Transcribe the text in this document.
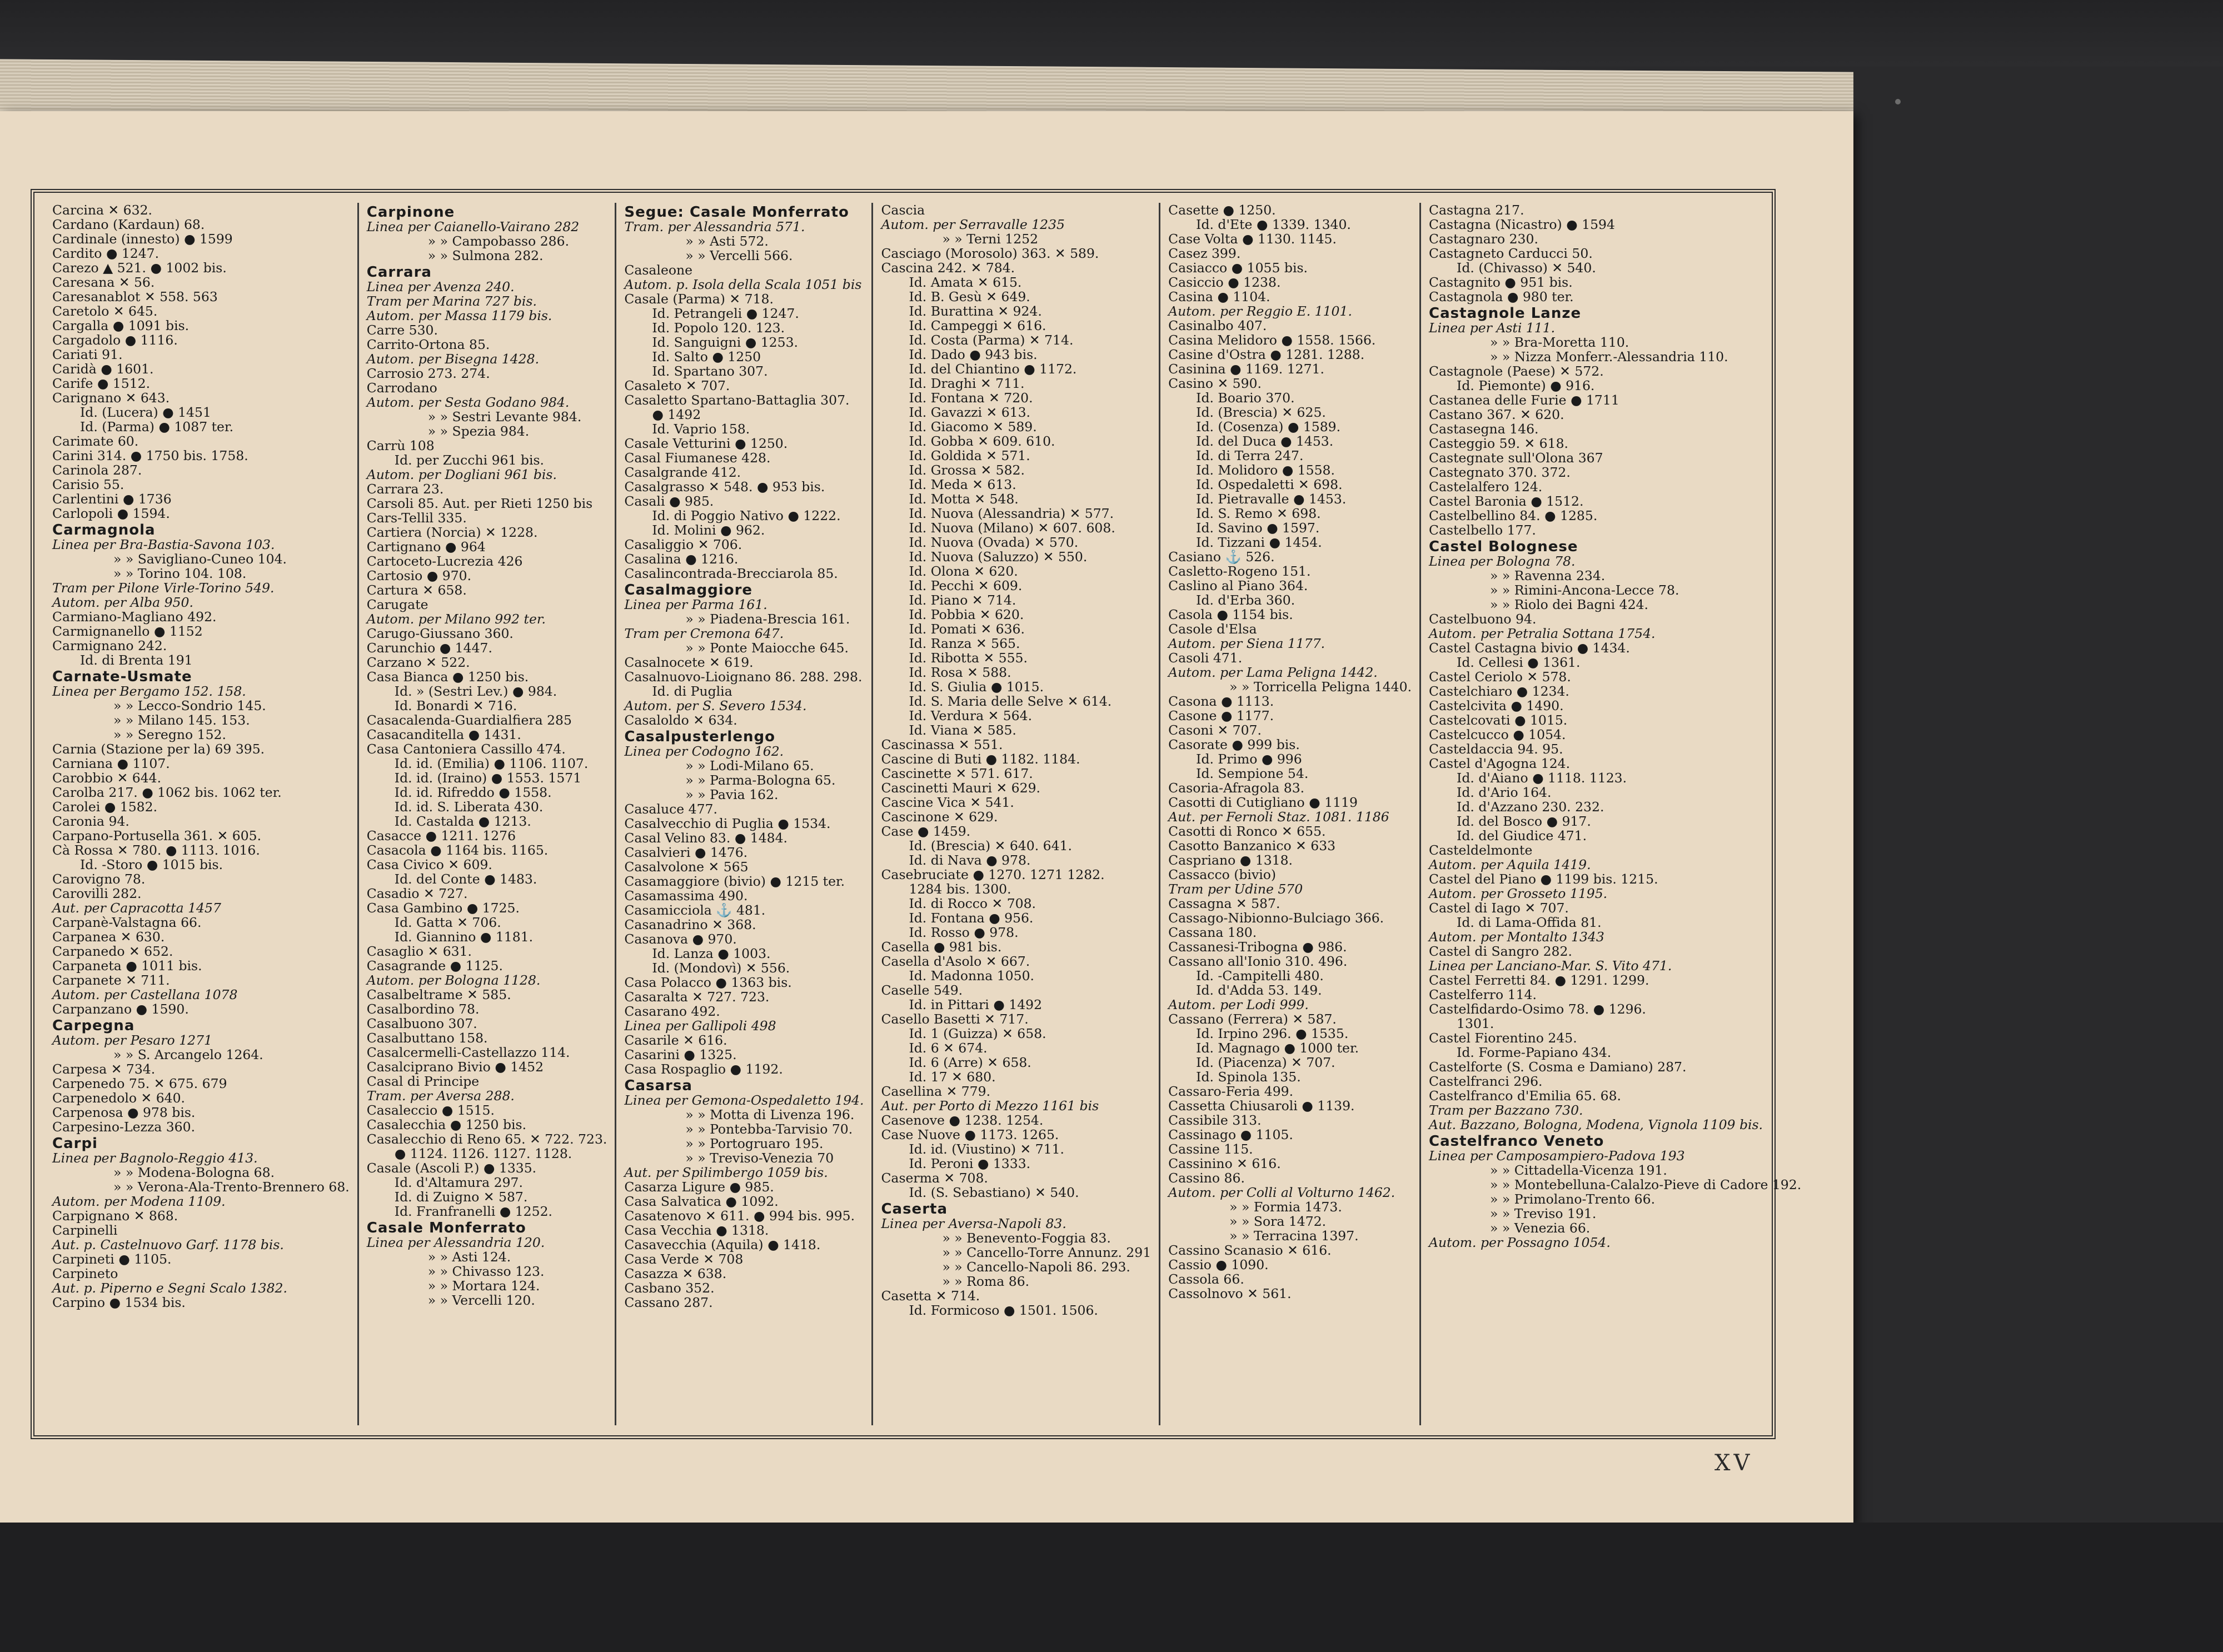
Carcina ✕ 632.
Cardano (Kardaun) 68.
Cardinale (innesto) ● 1599
Cardito ● 1247.
Carezo ▲ 521. ● 1002 bis.
Caresana ✕ 56.
Caresanablot ✕ 558. 563
Caretolo ✕ 645.
Cargalla ● 1091 bis.
Cargadolo ● 1116.
Cariati 91.
Caridà ● 1601.
Carife ● 1512.
Carignano ✕ 643.
Id. (Lucera) ● 1451
Id. (Parma) ● 1087 ter.
Carimate 60.
Carini 314. ● 1750 bis. 1758.
Carinola 287.
Carisio 55.
Carlentini ● 1736
Carlopoli ● 1594.
Carmagnola
Linea per Bra-Bastia-Savona 103.
» » Savigliano-Cuneo 104.
» » Torino 104. 108.
Tram per Pilone Virle-Torino 549.
Autom. per Alba 950.
Carmiano-Magliano 492.
Carmignanello ● 1152
Carmignano 242.
Id. di Brenta 191
Carnate-Usmate
Linea per Bergamo 152. 158.
» » Lecco-Sondrio 145.
» » Milano 145. 153.
» » Seregno 152.
Carnia (Stazione per la) 69 395.
Carniana ● 1107.
Carobbio ✕ 644.
Carolba 217. ● 1062 bis. 1062 ter.
Carolei ● 1582.
Caronia 94.
Carpano-Portusella 361. ✕ 605.
Cà Rossa ✕ 780. ● 1113. 1016.
Id. -Storo ● 1015 bis.
Carovigno 78.
Carovilli 282.
Aut. per Capracotta 1457
Carpanè-Valstagna 66.
Carpanea ✕ 630.
Carpanedo ✕ 652.
Carpaneta ● 1011 bis.
Carpanete ✕ 711.
Autom. per Castellana 1078
Carpanzano ● 1590.
Carpegna
Autom. per Pesaro 1271
» » S. Arcangelo 1264.
Carpesa ✕ 734.
Carpenedo 75. ✕ 675. 679
Carpenedolo ✕ 640.
Carpenosa ● 978 bis.
Carpesino-Lezza 360.
Carpi
Linea per Bagnolo-Reggio 413.
» » Modena-Bologna 68.
» » Verona-Ala-Trento-Brennero 68.
Autom. per Modena 1109.
Carpignano ✕ 868.
Carpinelli
Aut. p. Castelnuovo Garf. 1178 bis.
Carpineti ● 1105.
Carpineto
Aut. p. Piperno e Segni Scalo 1382.
Carpino ● 1534 bis.
Carpinone
Linea per Caianello-Vairano 282
» » Campobasso 286.
» » Sulmona 282.
Carrara
Linea per Avenza 240.
Tram per Marina 727 bis.
Autom. per Massa 1179 bis.
Carre 530.
Carrito-Ortona 85.
Autom. per Bisegna 1428.
Carrosio 273. 274.
Carrodano
Autom. per Sesta Godano 984.
» » Sestri Levante 984.
» » Spezia 984.
Carrù 108
Id. per Zucchi 961 bis.
Autom. per Dogliani 961 bis.
Carrara 23.
Carsoli 85. Aut. per Rieti 1250 bis
Cars-Tellil 335.
Cartiera (Norcia) ✕ 1228.
Cartignano ● 964
Cartoceto-Lucrezia 426
Cartosio ● 970.
Cartura ✕ 658.
Carugate
Autom. per Milano 992 ter.
Carugo-Giussano 360.
Carunchio ● 1447.
Carzano ✕ 522.
Casa Bianca ● 1250 bis.
Id. » (Sestri Lev.) ● 984.
Id. Bonardi ✕ 716.
Casacalenda-Guardialfiera 285
Casacanditella ● 1431.
Casa Cantoniera Cassillo 474.
Id. id. (Emilia) ● 1106. 1107.
Id. id. (Iraino) ● 1553. 1571
Id. id. Rifreddo ● 1558.
Id. id. S. Liberata 430.
Id. Castalda ● 1213.
Casacce ● 1211. 1276
Casacola ● 1164 bis. 1165.
Casa Civico ✕ 609.
Id. del Conte ● 1483.
Casadio ✕ 727.
Casa Gambino ● 1725.
Id. Gatta ✕ 706.
Id. Giannino ● 1181.
Casaglio ✕ 631.
Casagrande ● 1125.
Autom. per Bologna 1128.
Casalbeltrame ✕ 585.
Casalbordino 78.
Casalbuono 307.
Casalbuttano 158.
Casalcermelli-Castellazzo 114.
Casalciprano Bivio ● 1452
Casal di Principe
Tram. per Aversa 288.
Casaleccio ● 1515.
Casalecchia ● 1250 bis.
Casalecchio di Reno 65. ✕ 722. 723.
● 1124. 1126. 1127. 1128.
Casale (Ascoli P.) ● 1335.
Id. d'Altamura 297.
Id. di Zuigno ✕ 587.
Id. Franfranelli ● 1252.
Casale Monferrato
Linea per Alessandria 120.
» » Asti 124.
» » Chivasso 123.
» » Mortara 124.
» » Vercelli 120.
Segue: Casale Monferrato
Tram. per Alessandria 571.
» » Asti 572.
» » Vercelli 566.
Casaleone
Autom. p. Isola della Scala 1051 bis
Casale (Parma) ✕ 718.
Id. Petrangeli ● 1247.
Id. Popolo 120. 123.
Id. Sanguigni ● 1253.
Id. Salto ● 1250
Id. Spartano 307.
Casaleto ✕ 707.
Casaletto Spartano-Battaglia 307.
● 1492
Id. Vaprio 158.
Casale Vetturini ● 1250.
Casal Fiumanese 428.
Casalgrande 412.
Casalgrasso ✕ 548. ● 953 bis.
Casali ● 985.
Id. di Poggio Nativo ● 1222.
Id. Molini ● 962.
Casaliggio ✕ 706.
Casalina ● 1216.
Casalincontrada-Brecciarola 85.
Casalmaggiore
Linea per Parma 161.
» » Piadena-Brescia 161.
Tram per Cremona 647.
» » Ponte Maiocche 645.
Casalnocete ✕ 619.
Casalnuovo-Lioignano 86. 288. 298.
Id. di Puglia
Autom. per S. Severo 1534.
Casaloldo ✕ 634.
Casalpusterlengo
Linea per Codogno 162.
» » Lodi-Milano 65.
» » Parma-Bologna 65.
» » Pavia 162.
Casaluce 477.
Casalvecchio di Puglia ● 1534.
Casal Velino 83. ● 1484.
Casalvieri ● 1476.
Casalvolone ✕ 565
Casamaggiore (bivio) ● 1215 ter.
Casamassima 490.
Casamicciola ⚓ 481.
Casanadrino ✕ 368.
Casanova ● 970.
Id. Lanza ● 1003.
Id. (Mondovì) ✕ 556.
Casa Polacco ● 1363 bis.
Casaralta ✕ 727. 723.
Casarano 492.
Linea per Gallipoli 498
Casarile ✕ 616.
Casarini ● 1325.
Casa Rospaglio ● 1192.
Casarsa
Linea per Gemona-Ospedaletto 194.
» » Motta di Livenza 196.
» » Pontebba-Tarvisio 70.
» » Portogruaro 195.
» » Treviso-Venezia 70
Aut. per Spilimbergo 1059 bis.
Casarza Ligure ● 985.
Casa Salvatica ● 1092.
Casatenovo ✕ 611. ● 994 bis. 995.
Casa Vecchia ● 1318.
Casavecchia (Aquila) ● 1418.
Casa Verde ✕ 708
Casazza ✕ 638.
Casbano 352.
Cassano 287.
Cascia
Autom. per Serravalle 1235
» » Terni 1252
Casciago (Morosolo) 363. ✕ 589.
Cascina 242. ✕ 784.
Id. Amata ✕ 615.
Id. B. Gesù ✕ 649.
Id. Burattina ✕ 924.
Id. Campeggi ✕ 616.
Id. Costa (Parma) ✕ 714.
Id. Dado ● 943 bis.
Id. del Chiantino ● 1172.
Id. Draghi ✕ 711.
Id. Fontana ✕ 720.
Id. Gavazzi ✕ 613.
Id. Giacomo ✕ 589.
Id. Gobba ✕ 609. 610.
Id. Goldida ✕ 571.
Id. Grossa ✕ 582.
Id. Meda ✕ 613.
Id. Motta ✕ 548.
Id. Nuova (Alessandria) ✕ 577.
Id. Nuova (Milano) ✕ 607. 608.
Id. Nuova (Ovada) ✕ 570.
Id. Nuova (Saluzzo) ✕ 550.
Id. Olona ✕ 620.
Id. Pecchi ✕ 609.
Id. Piano ✕ 714.
Id. Pobbia ✕ 620.
Id. Pomati ✕ 636.
Id. Ranza ✕ 565.
Id. Ribotta ✕ 555.
Id. Rosa ✕ 588.
Id. S. Giulia ● 1015.
Id. S. Maria delle Selve ✕ 614.
Id. Verdura ✕ 564.
Id. Viana ✕ 585.
Cascinassa ✕ 551.
Cascine di Buti ● 1182. 1184.
Cascinette ✕ 571. 617.
Cascinetti Mauri ✕ 629.
Cascine Vica ✕ 541.
Cascinone ✕ 629.
Case ● 1459.
Id. (Brescia) ✕ 640. 641.
Id. di Nava ● 978.
Casebruciate ● 1270. 1271 1282.
1284 bis. 1300.
Id. di Rocco ✕ 708.
Id. Fontana ● 956.
Id. Rosso ● 978.
Casella ● 981 bis.
Casella d'Asolo ✕ 667.
Id. Madonna 1050.
Caselle 549.
Id. in Pittari ● 1492
Casello Basetti ✕ 717.
Id. 1 (Guizza) ✕ 658.
Id. 6 ✕ 674.
Id. 6 (Arre) ✕ 658.
Id. 17 ✕ 680.
Casellina ✕ 779.
Aut. per Porto di Mezzo 1161 bis
Casenove ● 1238. 1254.
Case Nuove ● 1173. 1265.
Id. id. (Viustino) ✕ 711.
Id. Peroni ● 1333.
Caserma ✕ 708.
Id. (S. Sebastiano) ✕ 540.
Caserta
Linea per Aversa-Napoli 83.
» » Benevento-Foggia 83.
» » Cancello-Torre Annunz. 291
» » Cancello-Napoli 86. 293.
» » Roma 86.
Casetta ✕ 714.
Id. Formicoso ● 1501. 1506.
Casette ● 1250.
Id. d'Ete ● 1339. 1340.
Case Volta ● 1130. 1145.
Casez 399.
Casiacco ● 1055 bis.
Casiccio ● 1238.
Casina ● 1104.
Autom. per Reggio E. 1101.
Casinalbo 407.
Casina Melidoro ● 1558. 1566.
Casine d'Ostra ● 1281. 1288.
Casinina ● 1169. 1271.
Casino ✕ 590.
Id. Boario 370.
Id. (Brescia) ✕ 625.
Id. (Cosenza) ● 1589.
Id. del Duca ● 1453.
Id. di Terra 247.
Id. Molidoro ● 1558.
Id. Ospedaletti ✕ 698.
Id. Pietravalle ● 1453.
Id. S. Remo ✕ 698.
Id. Savino ● 1597.
Id. Tizzani ● 1454.
Casiano ⚓ 526.
Casletto-Rogeno 151.
Caslino al Piano 364.
Id. d'Erba 360.
Casola ● 1154 bis.
Casole d'Elsa
Autom. per Siena 1177.
Casoli 471.
Autom. per Lama Peligna 1442.
» » Torricella Peligna 1440.
Casona ● 1113.
Casone ● 1177.
Casoni ✕ 707.
Casorate ● 999 bis.
Id. Primo ● 996
Id. Sempione 54.
Casoria-Afragola 83.
Casotti di Cutigliano ● 1119
Aut. per Fernoli Staz. 1081. 1186
Casotti di Ronco ✕ 655.
Casotto Banzanico ✕ 633
Caspriano ● 1318.
Cassacco (bivio)
Tram per Udine 570
Cassagna ✕ 587.
Cassago-Nibionno-Bulciago 366.
Cassana 180.
Cassanesi-Tribogna ● 986.
Cassano all'Ionio 310. 496.
Id. -Campitelli 480.
Id. d'Adda 53. 149.
Autom. per Lodi 999.
Cassano (Ferrera) ✕ 587.
Id. Irpino 296. ● 1535.
Id. Magnago ● 1000 ter.
Id. (Piacenza) ✕ 707.
Id. Spinola 135.
Cassaro-Feria 499.
Cassetta Chiusaroli ● 1139.
Cassibile 313.
Cassinago ● 1105.
Cassine 115.
Cassinino ✕ 616.
Cassino 86.
Autom. per Colli al Volturno 1462.
» » Formia 1473.
» » Sora 1472.
» » Terracina 1397.
Cassino Scanasio ✕ 616.
Cassio ● 1090.
Cassola 66.
Cassolnovo ✕ 561.
Castagna 217.
Castagna (Nicastro) ● 1594
Castagnaro 230.
Castagneto Carducci 50.
Id. (Chivasso) ✕ 540.
Castagnito ● 951 bis.
Castagnola ● 980 ter.
Castagnole Lanze
Linea per Asti 111.
» » Bra-Moretta 110.
» » Nizza Monferr.-Alessandria 110.
Castagnole (Paese) ✕ 572.
Id. Piemonte) ● 916.
Castanea delle Furie ● 1711
Castano 367. ✕ 620.
Castasegna 146.
Casteggio 59. ✕ 618.
Castegnate sull'Olona 367
Castegnato 370. 372.
Castelalfero 124.
Castel Baronia ● 1512.
Castelbellino 84. ● 1285.
Castelbello 177.
Castel Bolognese
Linea per Bologna 78.
» » Ravenna 234.
» » Rimini-Ancona-Lecce 78.
» » Riolo dei Bagni 424.
Castelbuono 94.
Autom. per Petralia Sottana 1754.
Castel Castagna bivio ● 1434.
Id. Cellesi ● 1361.
Castel Ceriolo ✕ 578.
Castelchiaro ● 1234.
Castelcivita ● 1490.
Castelcovati ● 1015.
Castelcucco ● 1054.
Casteldaccia 94. 95.
Castel d'Agogna 124.
Id. d'Aiano ● 1118. 1123.
Id. d'Ario 164.
Id. d'Azzano 230. 232.
Id. del Bosco ● 917.
Id. del Giudice 471.
Casteldelmonte
Autom. per Aquila 1419.
Castel del Piano ● 1199 bis. 1215.
Autom. per Grosseto 1195.
Castel di Iago ✕ 707.
Id. di Lama-Offida 81.
Autom. per Montalto 1343
Castel di Sangro 282.
Linea per Lanciano-Mar. S. Vito 471.
Castel Ferretti 84. ● 1291. 1299.
Castelferro 114.
Castelfidardo-Osimo 78. ● 1296.
1301.
Castel Fiorentino 245.
Id. Forme-Papiano 434.
Castelforte (S. Cosma e Damiano) 287.
Castelfranci 296.
Castelfranco d'Emilia 65. 68.
Tram per Bazzano 730.
Aut. Bazzano, Bologna, Modena, Vignola 1109 bis.
Castelfranco Veneto
Linea per Camposampiero-Padova 193
» » Cittadella-Vicenza 191.
» » Montebelluna-Calalzo-Pieve di Cadore 192.
» » Primolano-Trento 66.
» » Treviso 191.
» » Venezia 66.
Autom. per Possagno 1054.
XV
